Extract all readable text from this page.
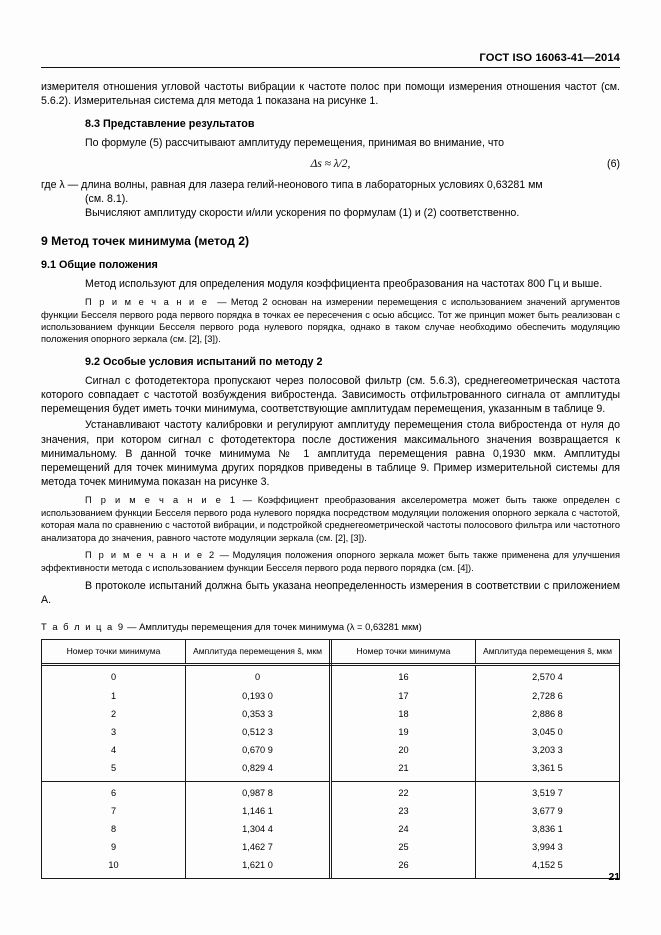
ГОСТ ISO 16063-41—2014

измерителя отношения угловой частоты вибрации к частоте полос при помощи измерения отношения частот (см. 5.6.2). Измерительная система для метода 1 показана на рисунке 1.

8.3 Представление результатов

По формуле (5) рассчитывают амплитуду перемещения, принимая во внимание, что

Δs ≈ λ/2,	(6)

где λ — длина волны, равная для лазера гелий-неонового типа в лабораторных условиях 0,63281 мм

(см. 8.1).

Вычисляют амплитуду скорости и/или ускорения по формулам (1) и (2) соответственно.

9 Метод точек минимума (метод 2)
9.1 Общие положения

Метод используют для определения модуля коэффициента преобразования на частотах 800 Гц и выше.

П р и м е ч а н и е — Метод 2 основан на измерении перемещения с использованием значений аргументов функции Бесселя первого рода первого порядка в точках ее пересечения с осью абсцисс. Тот же принцип может быть реализован с использованием функции Бесселя первого рода нулевого порядка, однако в таком случае необходимо обеспечить модуляцию положения опорного зеркала (см. [2], [3]).

9.2 Особые условия испытаний по методу 2

Сигнал с фотодетектора пропускают через полосовой фильтр (см. 5.6.3), среднегеометрическая частота которого совпадает с частотой возбуждения вибростенда. Зависимость отфильтрованного сигнала от амплитуды перемещения будет иметь точки минимума, соответствующие амплитудам перемещения, указанным в таблице 9.

Устанавливают частоту калибровки и регулируют амплитуду перемещения стола вибростенда от нуля до значения, при котором сигнал с фотодетектора после достижения максимального значения возвращается к минимальному. В данной точке минимума № 1 амплитуда перемещения равна 0,1930 мкм. Амплитуды перемещений для точек минимума других порядков приведены в таблице 9. Пример измерительной системы для метода точек минимума показан на рисунке 3.

П р и м е ч а н и е 1 — Коэффициент преобразования акселерометра может быть также определен с использованием функции Бесселя первого рода нулевого порядка посредством модуляции положения опорного зеркала с частотой, которая мала по сравнению с частотой вибрации, и подстройкой среднегеометрической частоты полосового фильтра или частотного анализатора до значения, равного частоте модуляции зеркала (см. [2], [3]).

П р и м е ч а н и е 2 — Модуляция положения опорного зеркала может быть также применена для улучшения эффективности метода с использованием функции Бесселя первого рода первого порядка (см. [4]).

В протоколе испытаний должна быть указана неопределенность измерения в соответствии с приложением А.

Т а б л и ц а 9 — Амплитуды перемещения для точек минимума (λ = 0,63281 мкм)
Номер точки минимума	Амплитуда перемещения ŝ, мкм	Номер точки минимума	Амплитуда перемещения ŝ, мкм
0	0	16	2,570 4
1	0,193 0	17	2,728 6
2	0,353 3	18	2,886 8
3	0,512 3	19	3,045 0
4	0,670 9	20	3,203 3
5	0,829 4	21	3,361 5
6	0,987 8	22	3,519 7
7	1,146 1	23	3,677 9
8	1,304 4	24	3,836 1
9	1,462 7	25	3,994 3
10	1,621 0	26	4,152 5
21
